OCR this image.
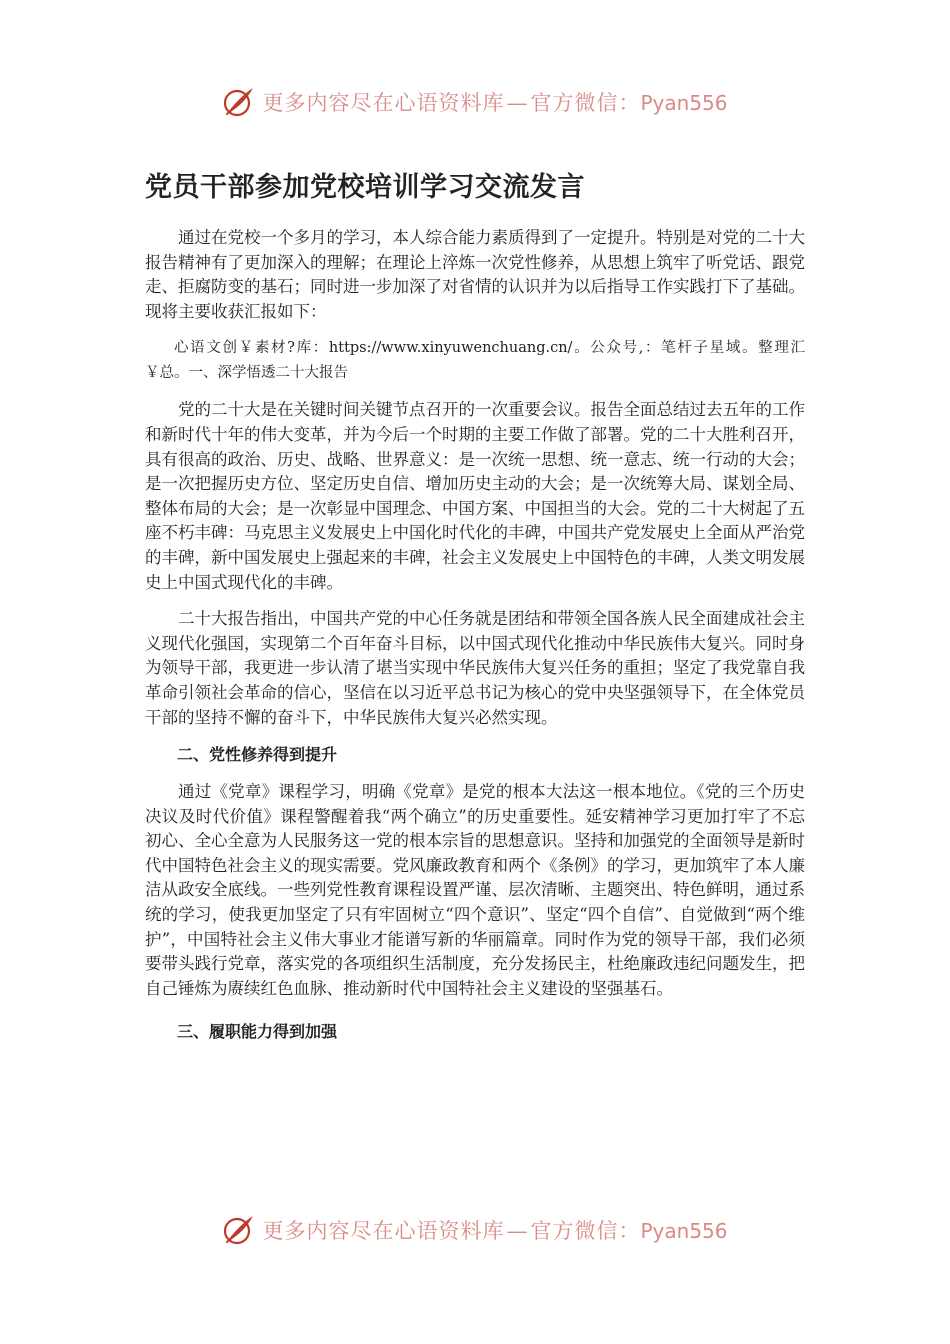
更多内容尽在心语资料库—官方微信：Pyan556
党员干部参加党校培训学习交流发言

通过在党校一个多月的学习，本人综合能力素质得到了一定提升。特别是对党的二十大报告精神有了更加深入的理解；在理论上淬炼一次党性修养，从思想上筑牢了听党话、跟党走、拒腐防变的基石；同时进一步加深了对省情的认识并为以后指导工作实践打下了基础。现将主要收获汇报如下：

心语文创￥素材?库：https://www.xinyuwenchuang.cn/。公众号,：笔杆子星域。整理汇￥总。一、深学悟透二十大报告

党的二十大是在关键时间关键节点召开的一次重要会议。报告全面总结过去五年的工作和新时代十年的伟大变革，并为今后一个时期的主要工作做了部署。党的二十大胜利召开，具有很高的政治、历史、战略、世界意义：是一次统一思想、统一意志、统一行动的大会；是一次把握历史方位、坚定历史自信、增加历史主动的大会；是一次统筹大局、谋划全局、整体布局的大会；是一次彰显中国理念、中国方案、中国担当的大会。党的二十大树起了五座不朽丰碑：马克思主义发展史上中国化时代化的丰碑，中国共产党发展史上全面从严治党的丰碑，新中国发展史上强起来的丰碑，社会主义发展史上中国特色的丰碑，人类文明发展史上中国式现代化的丰碑。

二十大报告指出，中国共产党的中心任务就是团结和带领全国各族人民全面建成社会主义现代化强国，实现第二个百年奋斗目标，以中国式现代化推动中华民族伟大复兴。同时身为领导干部，我更进一步认清了堪当实现中华民族伟大复兴任务的重担；坚定了我党靠自我革命引领社会革命的信心，坚信在以习近平总书记为核心的党中央坚强领导下，在全体党员干部的坚持不懈的奋斗下，中华民族伟大复兴必然实现。

二、党性修养得到提升

通过《党章》课程学习，明确《党章》是党的根本大法这一根本地位。《党的三个历史决议及时代价值》课程警醒着我“两个确立”的历史重要性。延安精神学习更加打牢了不忘初心、全心全意为人民服务这一党的根本宗旨的思想意识。坚持和加强党的全面领导是新时代中国特色社会主义的现实需要。党风廉政教育和两个《条例》的学习，更加筑牢了本人廉洁从政安全底线。一些列党性教育课程设置严谨、层次清晰、主题突出、特色鲜明，通过系统的学习，使我更加坚定了只有牢固树立“四个意识”、坚定“四个自信”、自觉做到“两个维护”，中国特社会主义伟大事业才能谱写新的华丽篇章。同时作为党的领导干部，我们必须要带头践行党章，落实党的各项组织生活制度，充分发扬民主，杜绝廉政违纪问题发生，把自己锤炼为赓续红色血脉、推动新时代中国特社会主义建设的坚强基石。

三、履职能力得到加强
更多内容尽在心语资料库—官方微信：Pyan556
